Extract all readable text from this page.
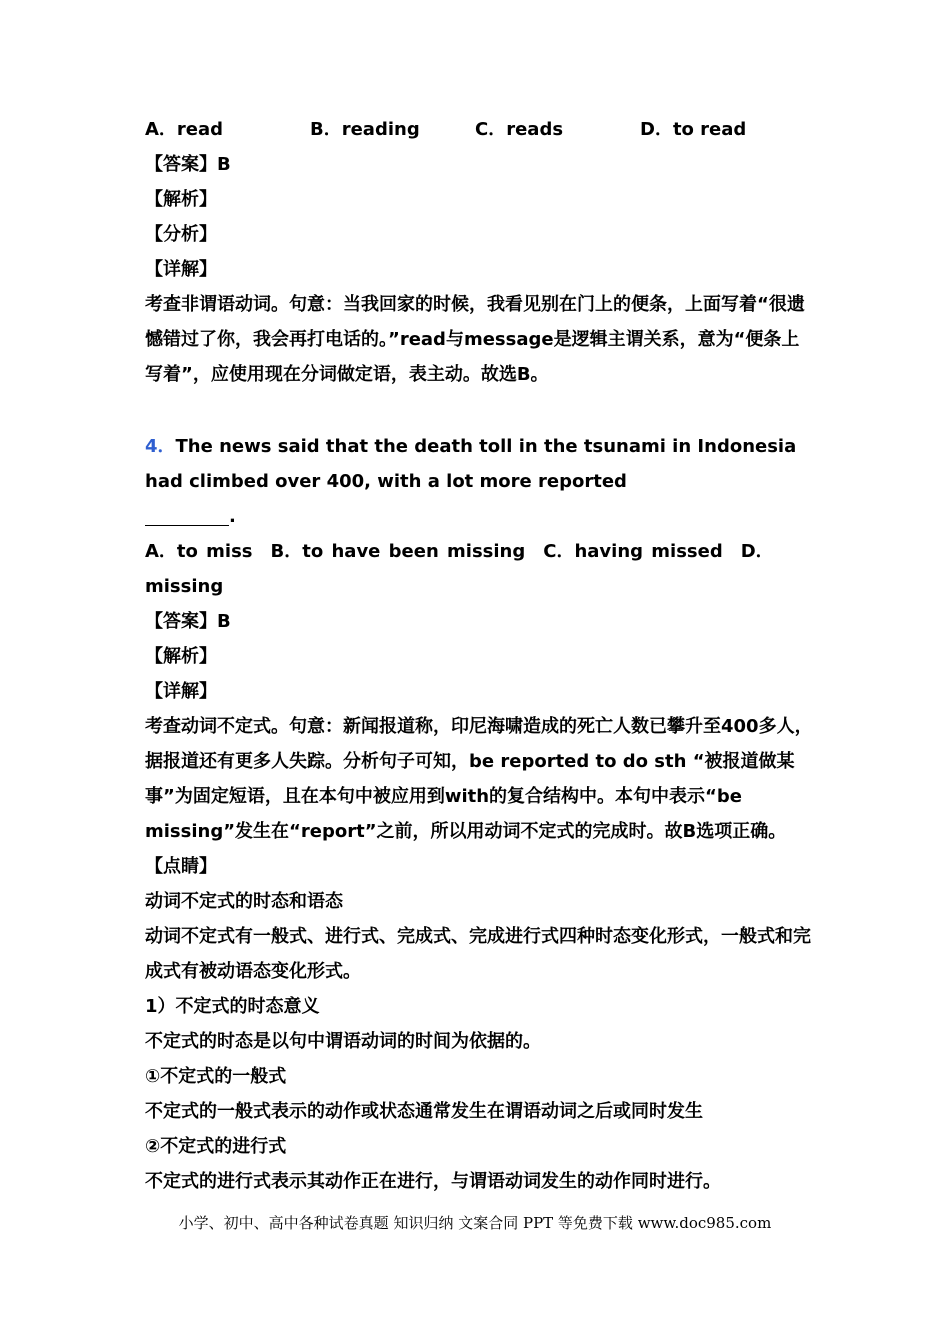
A．read	B．reading	C．reads	D．to read
【答案】B
【解析】
【分析】
【详解】
考查非谓语动词。句意：当我回家的时候，我看见别在门上的便条，上面写着“很遗憾错过了你，我会再打电话的。”read与message是逻辑主谓关系，意为“便条上写着”，应使用现在分词做定语，表主动。故选B。
4．The news said that the death toll in the tsunami in Indonesia had climbed over 400, with a lot more reported
.
A．to miss　B．to have been missing　C．having missed　D．missing
【答案】B
【解析】
【详解】
考查动词不定式。句意：新闻报道称，印尼海啸造成的死亡人数已攀升至400多人，据报道还有更多人失踪。分析句子可知，be reported to do sth “被报道做某事”为固定短语，且在本句中被应用到with的复合结构中。本句中表示“be missing”发生在“report”之前，所以用动词不定式的完成时。故B选项正确。
【点睛】
动词不定式的时态和语态
动词不定式有一般式、进行式、完成式、完成进行式四种时态变化形式，一般式和完成式有被动语态变化形式。
1）不定式的时态意义
不定式的时态是以句中谓语动词的时间为依据的。
①不定式的一般式
不定式的一般式表示的动作或状态通常发生在谓语动词之后或同时发生
②不定式的进行式
不定式的进行式表示其动作正在进行，与谓语动词发生的动作同时进行。
小学、初中、高中各种试卷真题 知识归纳 文案合同 PPT 等免费下载 www.doc985.com
